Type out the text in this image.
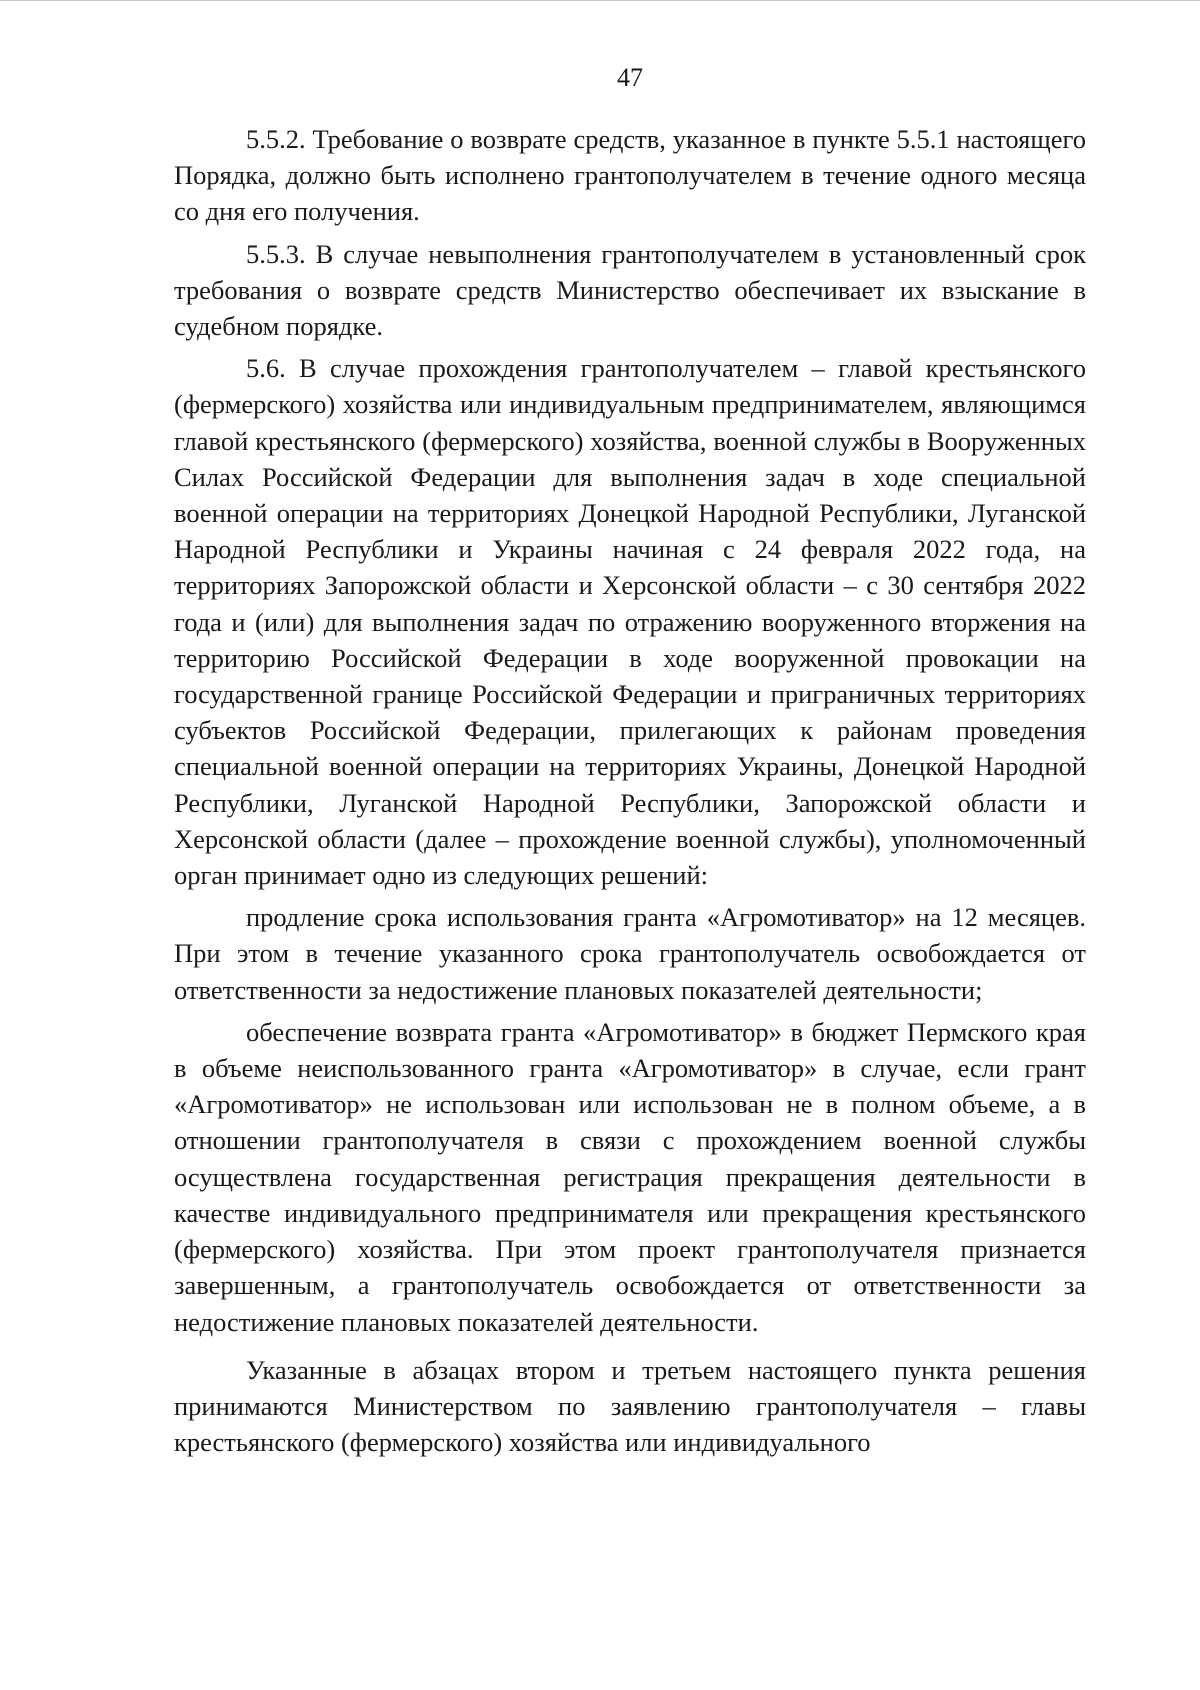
47

5.5.2. Требование о возврате средств, указанное в пункте 5.5.1 настоящего Порядка, должно быть исполнено грантополучателем в течение одного месяца со дня его получения.

5.5.3. В случае невыполнения грантополучателем в установленный срок требования о возврате средств Министерство обеспечивает их взыскание в судебном порядке.

5.6. В случае прохождения грантополучателем – главой крестьянского (фермерского) хозяйства или индивидуальным предпринимателем, являющимся главой крестьянского (фермерского) хозяйства, военной службы в Вооруженных Силах Российской Федерации для выполнения задач в ходе специальной военной операции на территориях Донецкой Народной Республики, Луганской Народной Республики и Украины начиная с 24 февраля 2022 года, на территориях Запорожской области и Херсонской области – с 30 сентября 2022 года и (или) для выполнения задач по отражению вооруженного вторжения на территорию Российской Федерации в ходе вооруженной провокации на государственной границе Российской Федерации и приграничных территориях субъектов Российской Федерации, прилегающих к районам проведения специальной военной операции на территориях Украины, Донецкой Народной Республики, Луганской Народной Республики, Запорожской области и Херсонской области (далее – прохождение военной службы), уполномоченный орган принимает одно из следующих решений:

продление срока использования гранта «Агромотиватор» на 12 месяцев. При этом в течение указанного срока грантополучатель освобождается от ответственности за недостижение плановых показателей деятельности;

обеспечение возврата гранта «Агромотиватор» в бюджет Пермского края в объеме неиспользованного гранта «Агромотиватор» в случае, если грант «Агромотиватор» не использован или использован не в полном объеме, а в отношении грантополучателя в связи с прохождением военной службы осуществлена государственная регистрация прекращения деятельности в качестве индивидуального предпринимателя или прекращения крестьянского (фермерского) хозяйства. При этом проект грантополучателя признается завершенным, а грантополучатель освобождается от ответственности за недостижение плановых показателей деятельности.

Указанные в абзацах втором и третьем настоящего пункта решения принимаются Министерством по заявлению грантополучателя – главы крестьянского (фермерского) хозяйства или индивидуального
